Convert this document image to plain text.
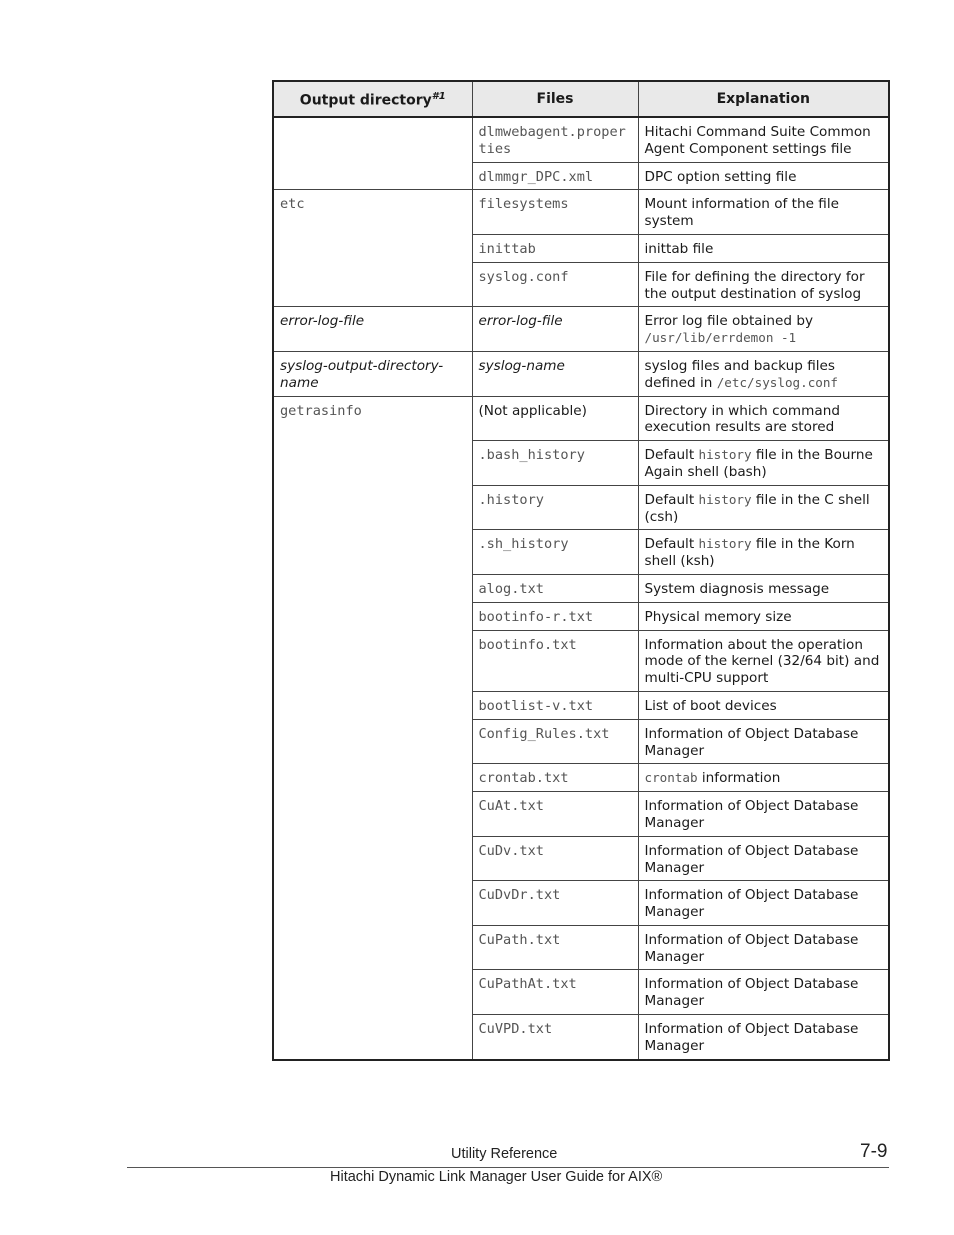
Output directory$^{\#1}$	Files	Explanation
	dlmwebagent.properties	Hitachi Command Suite Common Agent Component settings file
	dlmmgr_DPC.xml	DPC option setting file
etc	filesystems	Mount information of the file system
	inittab	inittab file
	syslog.conf	File for defining the directory for the output destination of syslog
error-log-file	error-log-file	Error log file obtained by /usr/lib/errdemon -1
syslog-output-directory-name	syslog-name	syslog files and backup files defined in /etc/syslog.conf
getrasinfo	(Not applicable)	Directory in which command execution results are stored
	.bash_history	Default history file in the Bourne Again shell (bash)
	.history	Default history file in the C shell (csh)
	.sh_history	Default history file in the Korn shell (ksh)
	alog.txt	System diagnosis message
	bootinfo-r.txt	Physical memory size
	bootinfo.txt	Information about the operation mode of the kernel (32/64 bit) and multi-CPU support
	bootlist-v.txt	List of boot devices
	Config_Rules.txt	Information of Object Database Manager
	crontab.txt	crontab information
	CuAt.txt	Information of Object Database Manager
	CuDv.txt	Information of Object Database Manager
	CuDvDr.txt	Information of Object Database Manager
	CuPath.txt	Information of Object Database Manager
	CuPathAt.txt	Information of Object Database Manager
	CuVPD.txt	Information of Object Database Manager
Utility Reference	7-9
Hitachi Dynamic Link Manager User Guide for AIX®
